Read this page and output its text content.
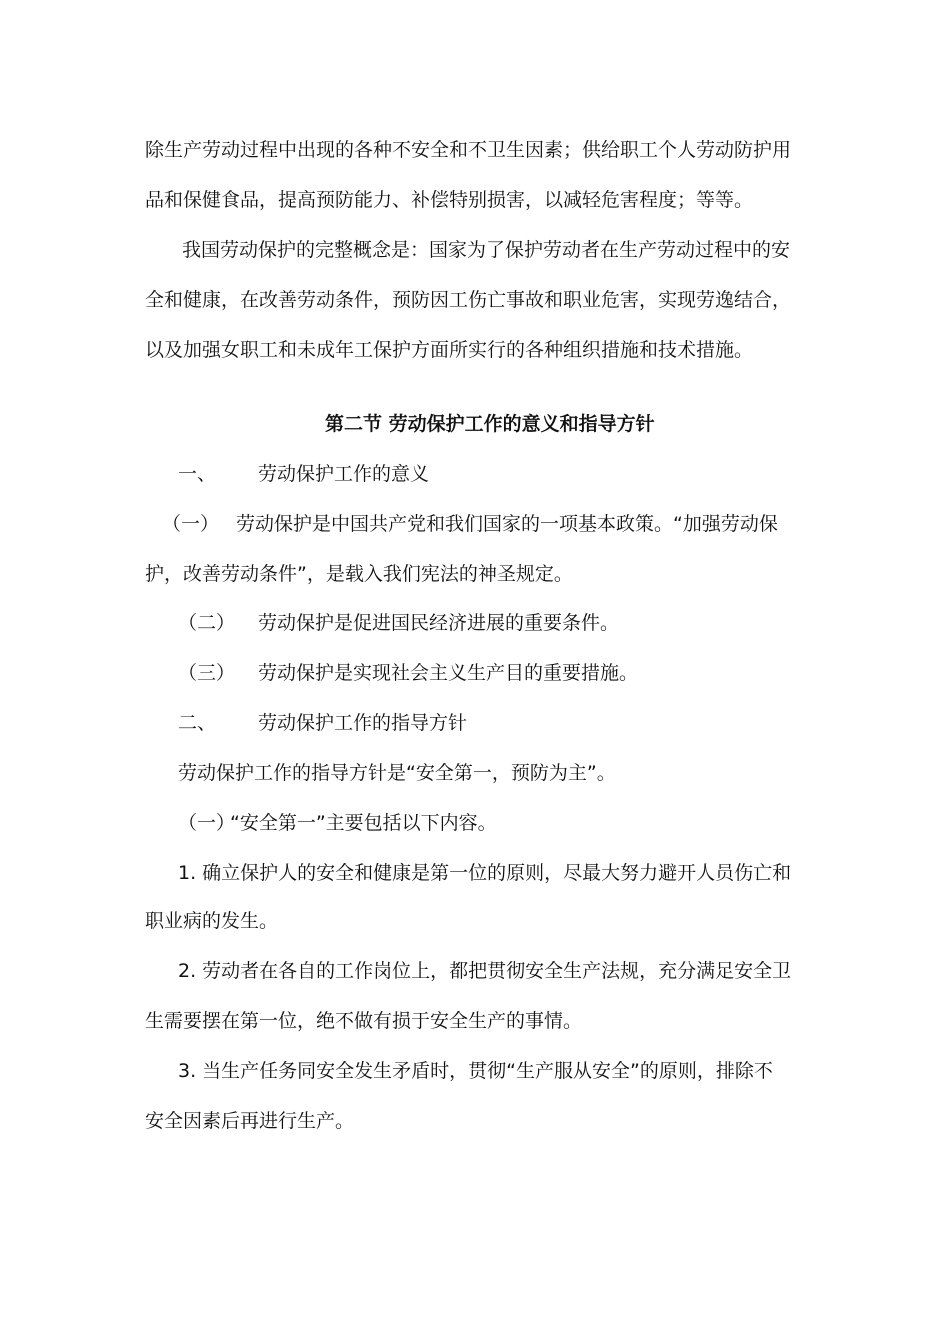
除生产劳动过程中出现的各种不安全和不卫生因素；供给职工个人劳动防护用
品和保健食品，提高预防能力、补偿特别损害，以减轻危害程度；等等。
我国劳动保护的完整概念是：国家为了保护劳动者在生产劳动过程中的安
全和健康，在改善劳动条件，预防因工伤亡事故和职业危害，实现劳逸结合，
以及加强女职工和未成年工保护方面所实行的各种组织措施和技术措施。
第二节 劳动保护工作的意义和指导方针
一、 劳动保护工作的意义
（一） 劳动保护是中国共产党和我们国家的一项基本政策。“加强劳动保
护，改善劳动条件”，是载入我们宪法的神圣规定。
（二） 劳动保护是促进国民经济进展的重要条件。
（三） 劳动保护是实现社会主义生产目的重要措施。
二、 劳动保护工作的指导方针
劳动保护工作的指导方针是“安全第一，预防为主”。
（一）
“安全第一”主要包括以下内容。
1. 确立保护人的安全和健康是第一位的原则，尽最大努力避开人员伤亡和
职业病的发生。
2. 劳动者在各自的工作岗位上，都把贯彻安全生产法规，充分满足安全卫
生需要摆在第一位，绝不做有损于安全生产的事情。
3. 当生产任务同安全发生矛盾时，贯彻“生产服从安全”的原则，排除不
安全因素后再进行生产。
